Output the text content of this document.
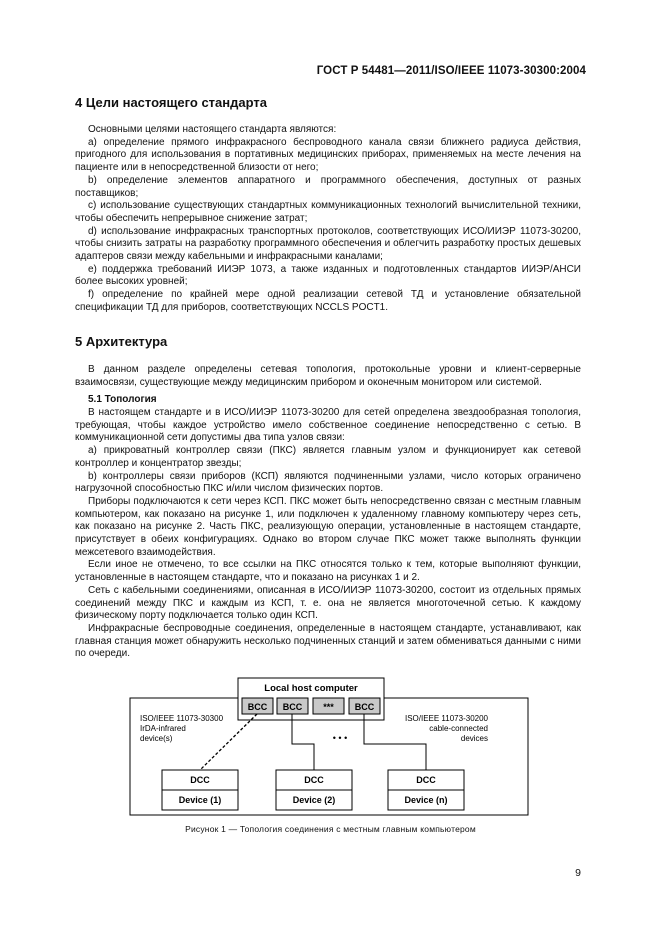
ГОСТ Р 54481—2011/ISO/IEEE 11073-30300:2004
4 Цели настоящего стандарта

Основными целями настоящего стандарта являются:

а) определение прямого инфракрасного беспроводного канала связи ближнего радиуса действия, пригодного для использования в портативных медицинских приборах, применяемых на месте лечения на пациенте или в непосредственной близости от него;

b) определение элементов аппаратного и программного обеспечения, доступных от разных поставщиков;

с) использование существующих стандартных коммуникационных технологий вычислительной техники, чтобы обеспечить непрерывное снижение затрат;

d) использование инфракрасных транспортных протоколов, соответствующих ИСО/ИИЭР 11073-30200, чтобы снизить затраты на разработку программного обеспечения и облегчить разработку простых дешевых адаптеров связи между кабельными и инфракрасными каналами;

е) поддержка требований ИИЭР 1073, а также изданных и подготовленных стандартов ИИЭР/АНСИ более высоких уровней;

f) определение по крайней мере одной реализации сетевой ТД и установление обязательной спецификации ТД для приборов, соответствующих NCCLS POCT1.

5 Архитектура

В данном разделе определены сетевая топология, протокольные уровни и клиент-серверные взаимосвязи, существующие между медицинским прибором и оконечным монитором или системой.

5.1 Топология

В настоящем стандарте и в ИСО/ИИЭР 11073-30200 для сетей определена звездообразная топология, требующая, чтобы каждое устройство имело собственное соединение непосредственно с сетью. В коммуникационной сети допустимы два типа узлов связи:

а) прикроватный контроллер связи (ПКС) является главным узлом и функционирует как сетевой контроллер и концентратор звезды;

b) контроллеры связи приборов (КСП) являются подчиненными узлами, число которых ограничено нагрузочной способностью ПКС и/или числом физических портов.

Приборы подключаются к сети через КСП. ПКС может быть непосредственно связан с местным главным компьютером, как показано на рисунке 1, или подключен к удаленному главному компьютеру через сеть, как показано на рисунке 2. Часть ПКС, реализующую операции, установленные в настоящем стандарте, присутствует в обеих конфигурациях. Однако во втором случае ПКС может также выполнять функции межсетевого взаимодействия.

Если иное не отмечено, то все ссылки на ПКС относятся только к тем, которые выполняют функции, установленные в настоящем стандарте, что и показано на рисунках 1 и 2.

Сеть с кабельными соединениями, описанная в ИСО/ИИЭР 11073-30200, состоит из отдельных прямых соединений между ПКС и каждым из КСП, т. е. она не является многоточечной сетью. К каждому физическому порту подключается только один КСП.

Инфракрасные беспроводные соединения, определенные в настоящем стандарте, устанавливают, как главная станция может обнаружить несколько подчиненных станций и затем обмениваться данными с ними по очереди.

Local host computer
BCC BCC *** BCC
ISO/IEEE 11073-30300
IrDA-infrared
device(s)
ISO/IEEE 11073-30200
cable-connected
devices
• • •
DCC
Device (1)
DCC
Device (2)
DCC
Device (n)
Рисунок 1 — Топология соединения с местным главным компьютером
9
